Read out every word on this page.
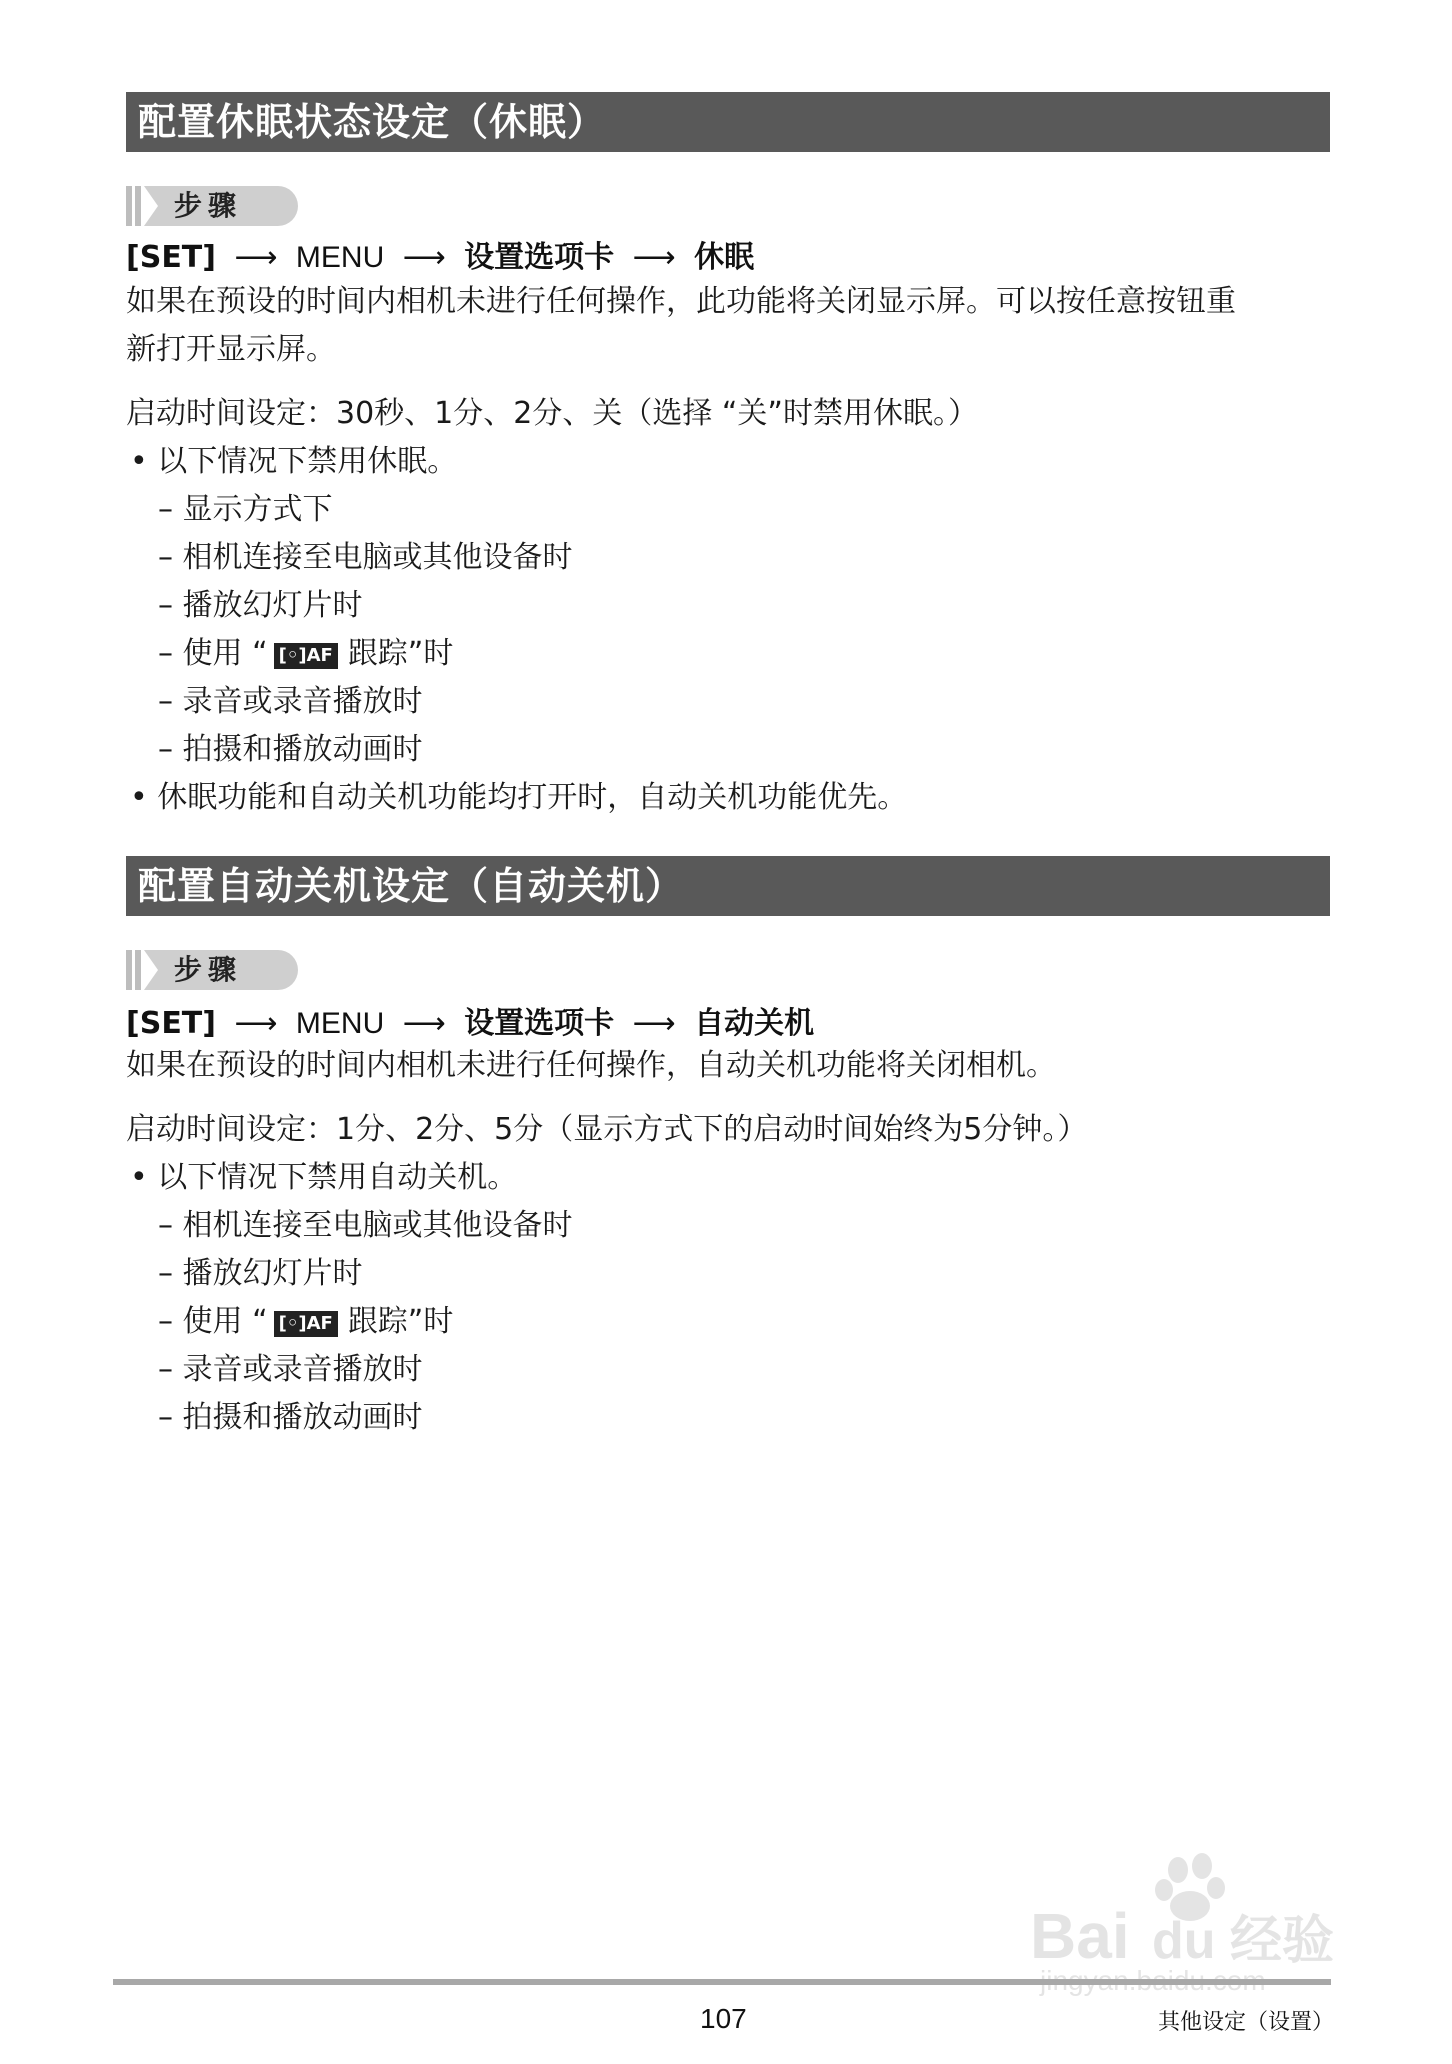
配置休眠状态设定（休眠）
步骤
[SET] ⟶ MENU ⟶ 设置选项卡 ⟶ 休眠
如果在预设的时间内相机未进行任何操作，此功能将关闭显示屏。可以按任意按钮重
新打开显示屏。
启动时间设定：30秒、1分、2分、关（选择 “关”时禁用休眠。）
• 以下情况下禁用休眠。
– 显示方式下
– 相机连接至电脑或其他设备时
– 播放幻灯片时
– 使用 “ [◦]AF 跟踪”时
– 录音或录音播放时
– 拍摄和播放动画时
• 休眠功能和自动关机功能均打开时，自动关机功能优先。
配置自动关机设定（自动关机）
步骤
[SET] ⟶ MENU ⟶ 设置选项卡 ⟶ 自动关机
如果在预设的时间内相机未进行任何操作，自动关机功能将关闭相机。
启动时间设定：1分、2分、5分（显示方式下的启动时间始终为5分钟。）
• 以下情况下禁用自动关机。
– 相机连接至电脑或其他设备时
– 播放幻灯片时
– 使用 “ [◦]AF 跟踪”时
– 录音或录音播放时
– 拍摄和播放动画时
Bai du 经验
107	其他设定（设置）
